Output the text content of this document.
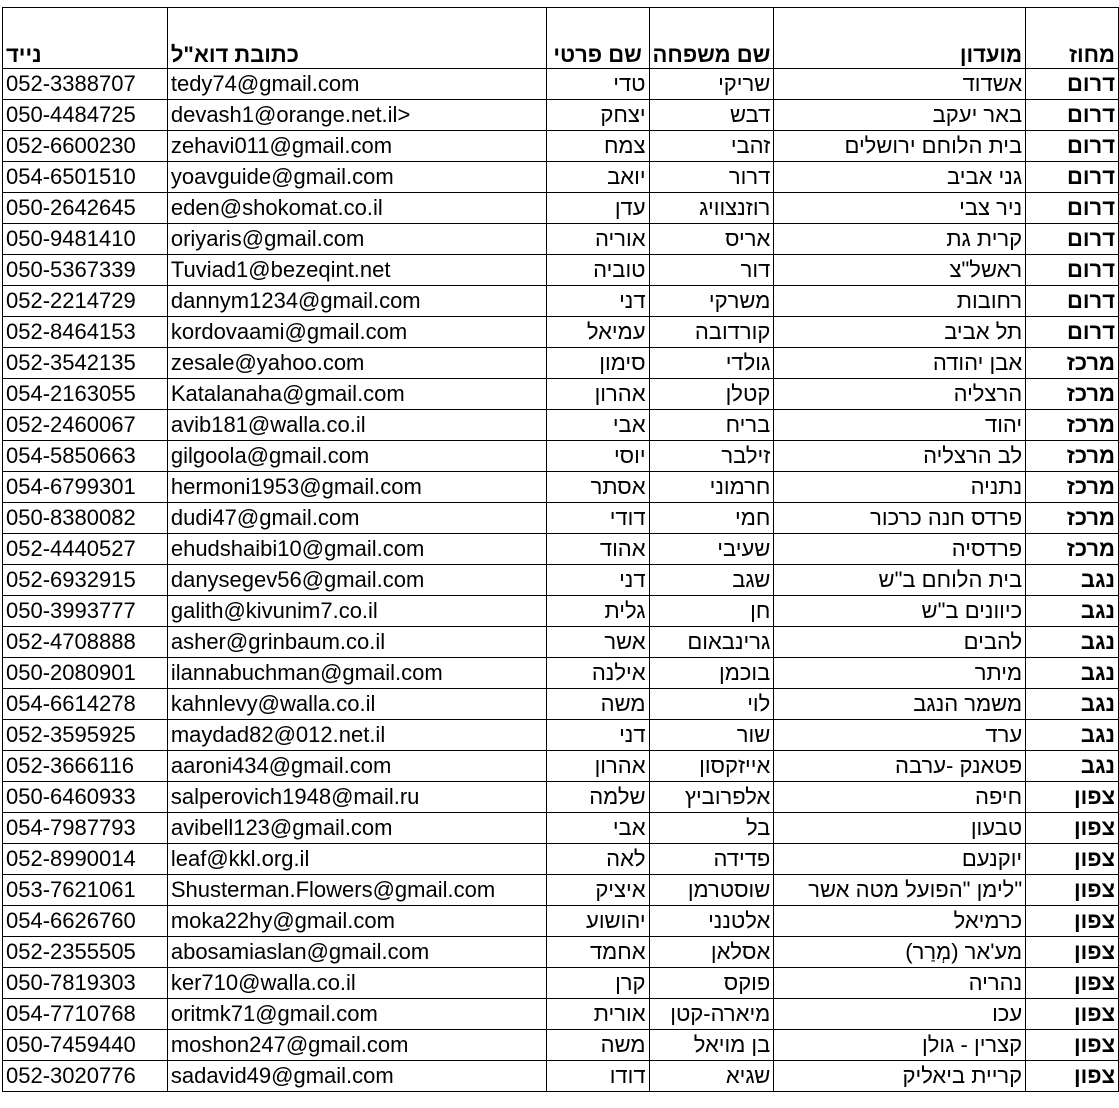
נייד	כתובת דוא"ל	שם פרטי	שם משפחה	מועדון	מחוז
052-3388707	tedy74@gmail.com	טדי	שריקי	אשדוד	דרום
050-4484725	devash1@orange.net.il>	יצחק	דבש	באר יעקב	דרום
052-6600230	zehavi011@gmail.com	צמח	זהבי	בית הלוחם ירושלים	דרום
054-6501510	yoavguide@gmail.com	יואב	דרור	גני אביב	דרום
050-2642645	eden@shokomat.co.il	עדן	רוזנצוויג	ניר צבי	דרום
050-9481410	oriyaris@gmail.com	אוריה	אריס	קרית גת	דרום
050-5367339	Tuviad1@bezeqint.net	טוביה	דור	ראשל"צ	דרום
052-2214729	dannym1234@gmail.com	דני	משרקי	רחובות	דרום
052-8464153	kordovaami@gmail.com	עמיאל	קורדובה	תל אביב	דרום
052-3542135	zesale@yahoo.com	סימון	גולדי	אבן יהודה	מרכז
054-2163055	Katalanaha@gmail.com	אהרון	קטלן	הרצליה	מרכז
052-2460067	avib181@walla.co.il	אבי	בריח	יהוד	מרכז
054-5850663	gilgoola@gmail.com	יוסי	זילבר	לב הרצליה	מרכז
054-6799301	hermoni1953@gmail.com	אסתר	חרמוני	נתניה	מרכז
050-8380082	dudi47@gmail.com	דודי	חמי	פרדס חנה כרכור	מרכז
052-4440527	ehudshaibi10@gmail.com	אהוד	שעיבי	פרדסיה	מרכז
052-6932915	danysegev56@gmail.com	דני	שגב	בית הלוחם ב"ש	נגב
050-3993777	galith@kivunim7.co.il	גלית	חן	כיוונים ב"ש	נגב
052-4708888	asher@grinbaum.co.il	אשר	גרינבאום	להבים	נגב
050-2080901	ilannabuchman@gmail.com	אילנה	בוכמן	מיתר	נגב
054-6614278	kahnlevy@walla.co.il	משה	לוי	משמר הנגב	נגב
052-3595925	maydad82@012.net.il	דני	שור	ערד	נגב
052-3666116	aaroni434@gmail.com	אהרון	אייזקסון	פטאנק -ערבה	נגב
050-6460933	salperovich1948@mail.ru	שלמה	אלפרוביץ	חיפה	צפון
054-7987793	avibell123@gmail.com	אבי	בל	טבעון	צפון
052-8990014	leaf@kkl.org.il	לאה	פדידה	יוקנעם	צפון
053-7621061	Shusterman.Flowers@gmail.com	איציק	שוסטרמן	"לימן "הפועל מטה אשר	צפון
054-6626760	moka22hy@gmail.com	יהושוע	אלטנני	כרמיאל	צפון
052-2355505	abosamiaslan@gmail.com	אחמד	אסלאן	מע'אר (מְרַר)	צפון
050-7819303	ker710@walla.co.il	קרן	פוקס	נהריה	צפון
054-7710768	oritmk71@gmail.com	אורית	מיארה-קטן	עכו	צפון
050-7459440	moshon247@gmail.com	משה	בן מויאל	קצרין - גולן	צפון
052-3020776	sadavid49@gmail.com	דודו	שגיא	קריית ביאליק	צפון
